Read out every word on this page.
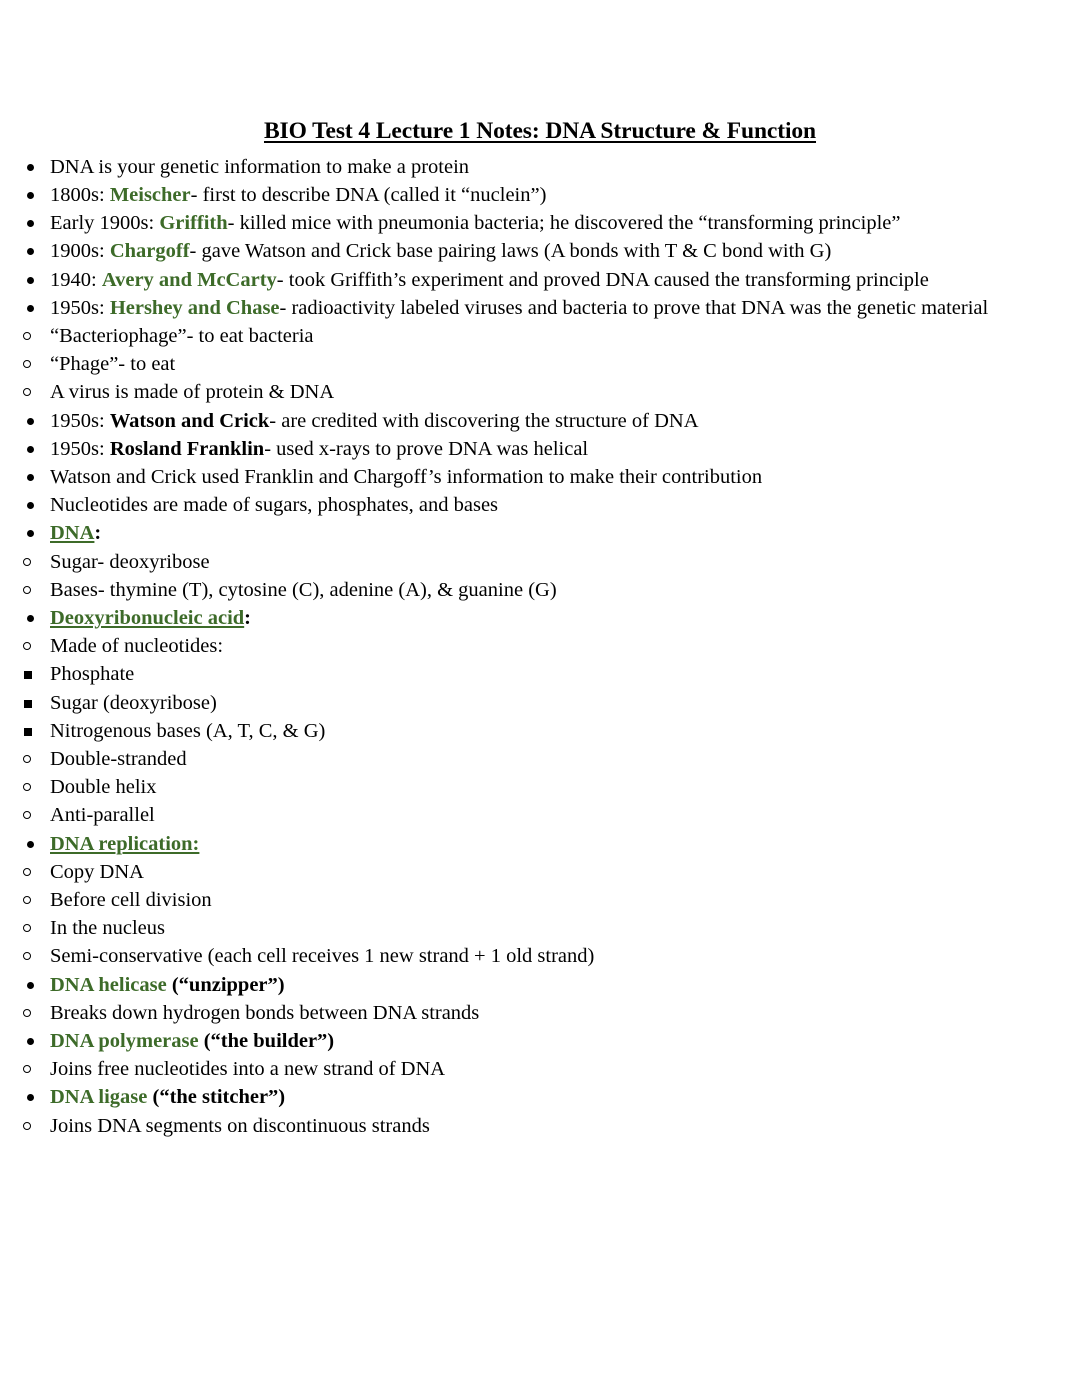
BIO Test 4 Lecture 1 Notes: DNA Structure & Function
DNA is your genetic information to make a protein
1800s: Meischer- first to describe DNA (called it “nuclein”)
Early 1900s: Griffith- killed mice with pneumonia bacteria; he discovered the “transforming principle”
1900s: Chargoff- gave Watson and Crick base pairing laws (A bonds with T & C bond with G)
1940: Avery and McCarty- took Griffith’s experiment and proved DNA caused the transforming principle
1950s: Hershey and Chase- radioactivity labeled viruses and bacteria to prove that DNA was the genetic material
“Bacteriophage”- to eat bacteria
“Phage”- to eat
A virus is made of protein & DNA
1950s: Watson and Crick- are credited with discovering the structure of DNA
1950s: Rosland Franklin- used x-rays to prove DNA was helical
Watson and Crick used Franklin and Chargoff’s information to make their contribution
Nucleotides are made of sugars, phosphates, and bases
DNA:
Sugar- deoxyribose
Bases- thymine (T), cytosine (C), adenine (A), & guanine (G)
Deoxyribonucleic acid:
Made of nucleotides:
Phosphate
Sugar (deoxyribose)
Nitrogenous bases (A, T, C, & G)
Double-stranded
Double helix
Anti-parallel
DNA replication:
Copy DNA
Before cell division
In the nucleus
Semi-conservative (each cell receives 1 new strand + 1 old strand)
DNA helicase (“unzipper”)
Breaks down hydrogen bonds between DNA strands
DNA polymerase (“the builder”)
Joins free nucleotides into a new strand of DNA
DNA ligase (“the stitcher”)
Joins DNA segments on discontinuous strands
